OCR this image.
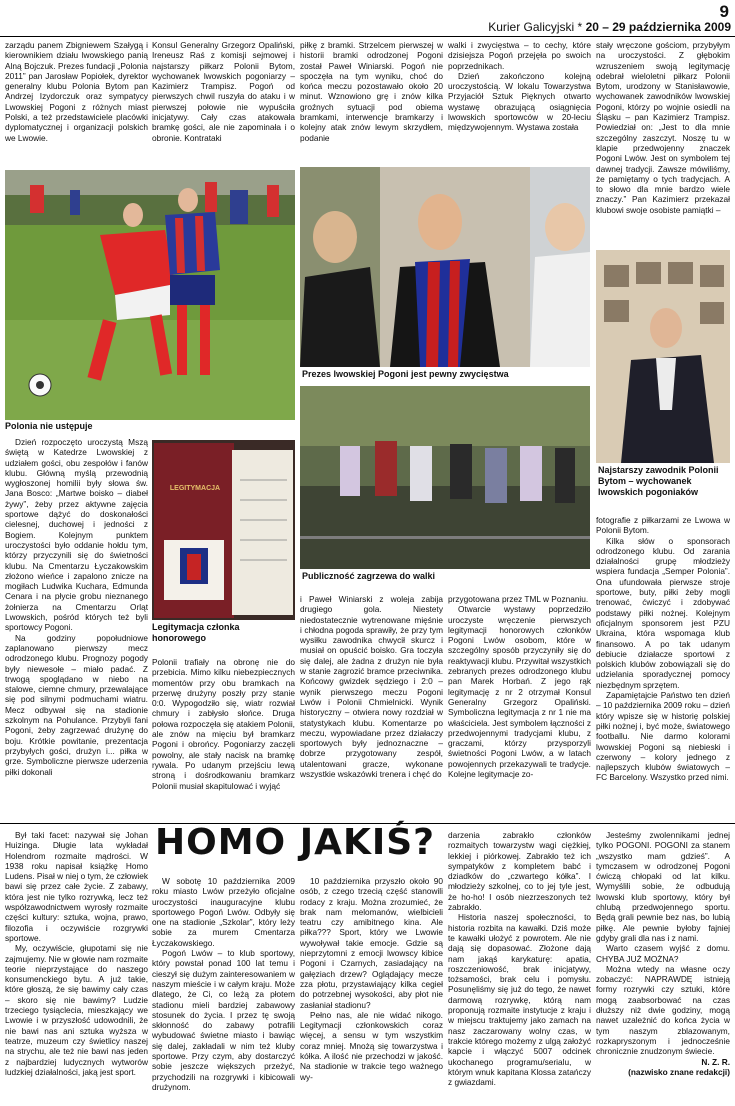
9
Kurier Galicyjski * 20 – 29 października 2009

zarządu panem Zbigniewem Szałygą i kierownikiem działu lwowskiego panią Alną Bojczuk. Prezes fundacji „Polonia 2011” pan Jarosław Popiołek, dyrektor generalny klubu Polonia Bytom pan Andrzej Izydorczuk oraz sympatycy Lwowskiej Pogoni z różnych miast Polski, a też przedstawiciele placówki dyplomatycznej i organizacji polskich we Lwowie.

Polonia nie ustępuje

Dzień rozpoczęto uroczystą Mszą świętą w Katedrze Lwowskiej z udziałem gości, obu zespołów i fanów klubu. Główną myślą przewodnią wygłoszonej homilii były słowa św. Jana Bosco: „Martwe boisko – diabeł żywy”, żeby przez aktywne zajęcia sportowe dążyć do doskonałości cielesnej, duchowej i jedności z Bogiem. Kolejnym punktem uroczystości było oddanie hołdu tym, którzy przyczynili się do świetności klubu. Na Cmentarzu Łyczakowskim złożono wieńce i zapalono znicze na mogiłach Ludwika Kuchara, Edmunda Cenara i na płycie grobu nieznanego żołnierza na Cmentarzu Orląt Lwowskich, pośród których też byli sportowcy Pogoni.

Na godziny popołudniowe zaplanowano pierwszy mecz odrodzonego klubu. Prognozy pogody były niewesołe – miało padać. Z trwogą spoglądano w niebo na stalowe, ciemne chmury, przewalające się pod silnymi podmuchami wiatru. Mecz odbywał się na stadionie szkolnym na Pohulance. Przybyli fani Pogoni, żeby zagrzewać drużynę do boju. Krótkie powitanie, prezentacja przybyłych gości, drużyn i... piłka w grze. Symboliczne pierwsze uderzenia piłki dokonali

Konsul Generalny Grzegorz Opaliński, Ireneusz Raś z komisji sejmowej i najstarszy piłkarz Polonii Bytom, wychowanek lwowskich pogoniarzy – Kazimierz Trampisz. Pogoń od pierwszych chwil ruszyła do ataku i w pierwszej połowie nie wypuściła inicjatywy. Cały czas atakowała bramkę gości, ale nie zapominała i o obronie. Kontrataki

LEGITYMACJA
Legitymacja członka honorowego

Polonii trafiały na obronę nie do przebicia. Mimo kilku niebezpiecznych momentów przy obu bramkach na przerwę drużyny poszły przy stanie 0:0. Wypogodziło się, wiatr rozwiał chmury i zabłysło słońce. Druga połowa rozpoczęła się atakiem Polonii, ale znów na mięciu był bramkarz Pogoni i obrońcy. Pogoniarzy zaczęli powolny, ale stały nacisk na bramkę rywala. Po udanym przejściu lewą stroną i dośrodkowaniu bramkarz Polonii musiał skapitulować i wyjąć

piłkę z bramki. Strzelcem pierwszej w historii bramki odrodzonej Pogoni został Paweł Winiarski. Pogoń nie spoczęła na tym wyniku, choć do końca meczu pozostawało około 20 minut. Wznowiono grę i znów kilka groźnych sytuacji pod obiema bramkami, interwencje bramkarzy i kolejny atak znów lewym skrzydłem, podanie

Prezes lwowskiej Pogoni jest pewny zwycięstwa
Publiczność zagrzewa do walki

i Paweł Winiarski z woleja zabija drugiego gola. Niestety niedostatecznie wytrenowane mięśnie i chłodna pogoda sprawiły, że przy tym wysiłku zawodnika chwycił skurcz i musiał on opuścić boisko. Gra toczyła się dalej, ale żadna z drużyn nie była w stanie zagrozić bramce przeciwnika. Końcowy gwizdek sędziego i 2:0 – wynik pierwszego meczu Pogoni Lwów i Polonii Chmielnicki. Wynik historyczny – otwiera nowy rozdział w statystykach klubu. Komentarze po meczu, wypowiadane przez działaczy sportowych były jednoznaczne – dobrze przygotowany zespół, utalentowani gracze, wykonane wszystkie wskazówki trenera i chęć do

walki i zwycięstwa – to cechy, które dzisiejsza Pogoń przejęła po swoich poprzednikach.

Dzień zakończono kolejną uroczystością. W lokalu Towarzystwa Przyjaciół Sztuk Pięknych otwarto wystawę obrazującą osiągnięcia lwowskich sportowców w 20-leciu międzywojennym. Wystawa została

przygotowana przez TML w Poznaniu.

Otwarcie wystawy poprzedziło uroczyste wręczenie pierwszych legitymacji honorowych członków Pogoni Lwów osobom, które w szczególny sposób przyczyniły się do reaktywacji klubu. Przywitał wszystkich zebranych prezes odrodzonego klubu pan Marek Horbań. Z jego rąk legitymację z nr 2 otrzymał Konsul Generalny Grzegorz Opaliński. Symboliczna legitymacja z nr 1 nie ma właściciela. Jest symbolem łączności z przedwojennymi tradycjami klubu, z graczami, którzy przysporzyli świetności Pogoni Lwów, a w latach powojennych przekazywali te tradycje. Kolejne legitymacje zo-

stały wręczone gościom, przybyłym na uroczystości. Z głębokim wzruszeniem swoją legitymację odebrał wieloletni piłkarz Polonii Bytom, urodzony w Stanisławowie, wychowanek zawodników lwowskiej Pogoni, którzy po wojnie osiedli na Śląsku – pan Kazimierz Trampisz. Powiedział on: „Jest to dla mnie szczególny zaszczyt. Noszę tu w klapie przedwojenny znaczek Pogoni Lwów. Jest on symbolem tej dawnej tradycji. Zawsze mówiliśmy, że pamiętamy o tych tradycjach. A to słowo dla mnie bardzo wiele znaczy.” Pan Kazimierz przekazał klubowi swoje osobiste pamiątki –

Najstarszy zawodnik Polonii Bytom – wychowanek lwowskich pogoniaków

fotografie z piłkarzami ze Lwowa w Polonii Bytom.

Kilka słów o sponsorach odrodzonego klubu. Od zarania działalności grupę młodzieży wspiera fundacja „Semper Polonia”. Ona ufundowała pierwsze stroje sportowe, buty, piłki żeby mogli trenować, ćwiczyć i zdobywać podstawy piłki nożnej. Kolejnym oficjalnym sponsorem jest PZU Ukraina, która wspomaga klub finansowo. A po tak udanym debiucie działacze sportowi z polskich klubów zobowiązali się do udzielania sporadycznej pomocy niezbędnym sprzętem.

Zapamiętajcie Państwo ten dzień – 10 października 2009 roku – dzień który wpisze się w historię polskiej piłki nożnej i, być może, światowego footballu. Nie darmo kolorami lwowskiej Pogoni są niebieski i czerwony – kolory jednego z najlepszych klubów światowych – FC Barcelony. Wszystko przed nimi.

HOMO JAKIŚ?

Był taki facet: nazywał się Johan Huizinga. Długie lata wykładał Holendrom rozmaite mądrości. W 1938 roku napisał książkę Homo Ludens. Pisał w niej o tym, że człowiek bawi się przez całe życie. Z zabawy, która jest nie tylko rozrywką, lecz też współzawodnictwem wyrosły rozmaite części kultury: sztuka, wojna, prawo, filozofia i oczywiście rozgrywki sportowe.

My, oczywiście, głupotami się nie zajmujemy. Nie w głowie nam rozmaite teorie nieprzystające do naszego konsumenckiego bytu. A już takie, które głoszą, że się bawimy cały czas – skoro się nie bawimy? Ludzie trzeciego tysiąclecia, mieszkający we Lwowie i w przyszłość udowodnili, że nie bawi nas ani sztuka wyższa w teatrze, muzeum czy świetlicy naszej na strychu, ale też nie bawi nas jeden z najbardziej ludycznych wytworów ludzkiej działalności, jaką jest sport.

W sobotę 10 października 2009 roku miasto Lwów przeżyło oficjalne uroczystości inauguracyjne klubu sportowego Pogoń Lwów. Odbyły się one na stadionie „Szkolar”, który leży sobie za murem Cmentarza Łyczakowskiego.

Pogoń Lwów – to klub sportowy, który powstał ponad 100 lat temu i cieszył się dużym zainteresowaniem w naszym mieście i w całym kraju. Może dlatego, że Ci, co leżą za płotem stadionu mieli bardziej zabawowy stosunek do życia. I przez tę swoją skłonność do zabawy potrafili wybudować świetne miasto i bawiąc się dalej, zakładali w nim też kluby sportowe. Przy czym, aby dostarczyć sobie jeszcze większych przeżyć, przychodzili na rozgrywki i kibicowali drużynom.

10 października przyszło około 90 osób, z czego trzecią część stanowili rodacy z kraju. Można zrozumieć, że brak nam melomanów, wielbicieli teatru czy amibitnego kina. Ale piłka??? Sport, który we Lwowie wywoływał takie emocje. Gdzie są nieprzytomni z emocji lwowscy kibice Pogoni i Czarnych, zasiadający na gałęziach drzew? Oglądający mecze zza płotu, przystawiający kilka cegieł do potrzebnej wysokości, aby płot nie zasłaniał stadionu?

Pełno nas, ale nie widać nikogo. Legitymacji członkowskich coraz więcej, a sensu w tym wszystkim coraz mniej. Mnożą się towarzystwa i kółka. A ilość nie przechodzi w jakość. Na stadionie w trakcie tego ważnego wy-

darzenia zabrakło członków rozmaitych towarzystw wagi ciężkiej, lekkiej i piórkowej. Zabrakło też ich sympatyków z kompletem babć i dziadków do „czwartego kółka”. I młodzieży szkolnej, co to jej tyle jest, że ho-ho! I osób niezrzeszonych też zabrakło.

Historia naszej społeczności, to historia rozbita na kawałki. Dziś może te kawałki ułożyć z powrotem. Ale nie dają się dopasować. Złożone dają nam jakąś karykaturę: apatia, roszczeniowość, brak inicjatywy, tożsamości, brak celu i pomysłu. Posunęliśmy się już do tego, że nawet darmową rozrywkę, którą nam proponują rozmaite instytucje z kraju i w miejscu traktujemy jako zamach na nasz zaczarowany wolny czas, w trakcie którego możemy z ulgą założyć kapcie i włączyć 5007 odcinek ukochanego programu/serialu, w którym wnuk kapitana Klossa zatańczy z gwiazdami.

Jesteśmy zwolennikami jednej tylko POGONI. POGONI za stanem „wszystko mam gdzieś”. A tymczasem w odrodzonej Pogoni ćwiczą chłopaki od lat kilku. Wymyślili sobie, że odbudują lwowski klub sportowy, który był chlubą przedwojennego sportu. Będą grali pewnie bez nas, bo lubią piłkę. Ale pewnie byłoby fajniej gdyby grali dla nas i z nami.

Warto czasem wyjść z domu. CHYBA JUŻ MOŻNA?

Można wtedy na własne oczy zobaczyć: NAPRAWDĘ istnieją formy rozrywki czy sztuki, które mogą zaabsorbować na czas dłuższy niż dwie godziny, mogą nawet uzależnić do końca życia w tym naszym zblazowanym, rozkapryszonym i jednocześnie chronicznie znudzonym świecie.

N. Z. R.

(nazwisko znane redakcji)
